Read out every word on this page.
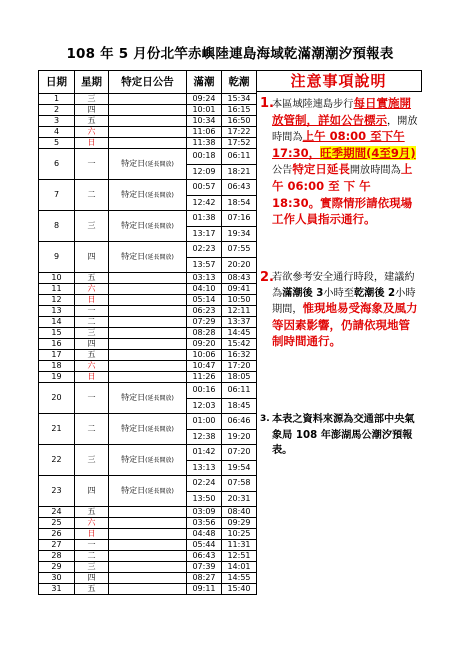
108 年 5 月份北竿赤嶼陸連島海域乾滿潮潮汐預報表
日期	星期	特定日公告	滿潮	乾潮
1	三		09:24	15:34
2	四		10:01	16:15
3	五		10:34	16:50
4	六		11:06	17:22
5	日		11:38	17:52
6	一	特定日(延長開放)	00:18	06:11
			12:09	18:21
7	二	特定日(延長開放)	00:57	06:43
			12:42	18:54
8	三	特定日(延長開放)	01:38	07:16
			13:17	19:34
9	四	特定日(延長開放)	02:23	07:55
			13:57	20:20
10	五		03:13	08:43
11	六		04:10	09:41
12	日		05:14	10:50
13	一		06:23	12:11
14	二		07:29	13:37
15	三		08:28	14:45
16	四		09:20	15:42
17	五		10:06	16:32
18	六		10:47	17:20
19	日		11:26	18:05
20	一	特定日(延長開放)	00:16	06:11
			12:03	18:45
21	二	特定日(延長開放)	01:00	06:46
			12:38	19:20
22	三	特定日(延長開放)	01:42	07:20
			13:13	19:54
23	四	特定日(延長開放)	02:24	07:58
			13:50	20:31
24	五		03:09	08:40
25	六		03:56	09:29
26	日		04:48	10:25
27	一		05:44	11:31
28	二		06:43	12:51
29	三		07:39	14:01
30	四		08:27	14:55
31	五		09:11	15:40
注意事項說明
1.
本區域陸連島步行每日實施開放管制，詳如公告標示，開放時間為上午 08:00 至下午 17:30，旺季期間(4至9月)公告特定日延長開放時間為上 午 06:00 至 下 午 18:30。實際情形請依現場工作人員指示通行。
2.
若欲參考安全通行時段，建議約為滿潮後 3小時至乾潮後 2小時期間，惟現地易受海象及風力等因素影響，仍請依現地管制時間通行。
3. 本表之資料來源為交通部中央氣象局 108 年澎湖馬公潮汐預報表。
